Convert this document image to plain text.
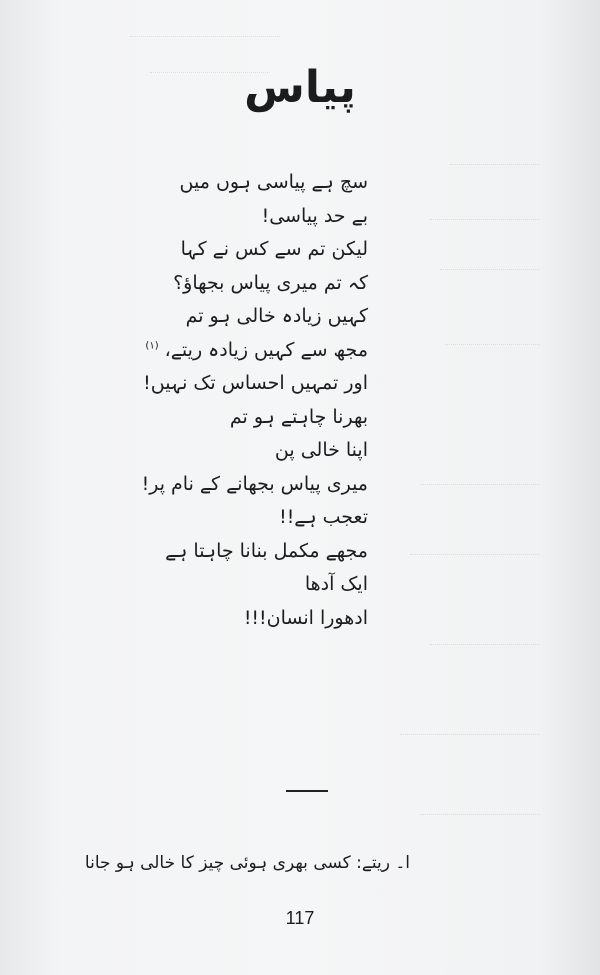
پیاس
سچ ہے پیاسی ہوں میں
بے حد پیاسی!
لیکن تم سے کس نے کہا
کہ تم میری پیاس بجھاؤ؟
کہیں زیادہ خالی ہو تم
مجھ سے کہیں زیادہ ریتے، $^{(۱)}$
اور تمہیں احساس تک نہیں!
بھرنا چاہتے ہو تم
اپنا خالی پن
میری پیاس بجھانے کے نام پر!
تعجب ہے!!
مجھے مکمل بنانا چاہتا ہے
ایک آدھا
ادھورا انسان!!!
ا۔ ریتے: کسی بھری ہوئی چیز کا خالی ہو جانا
117
